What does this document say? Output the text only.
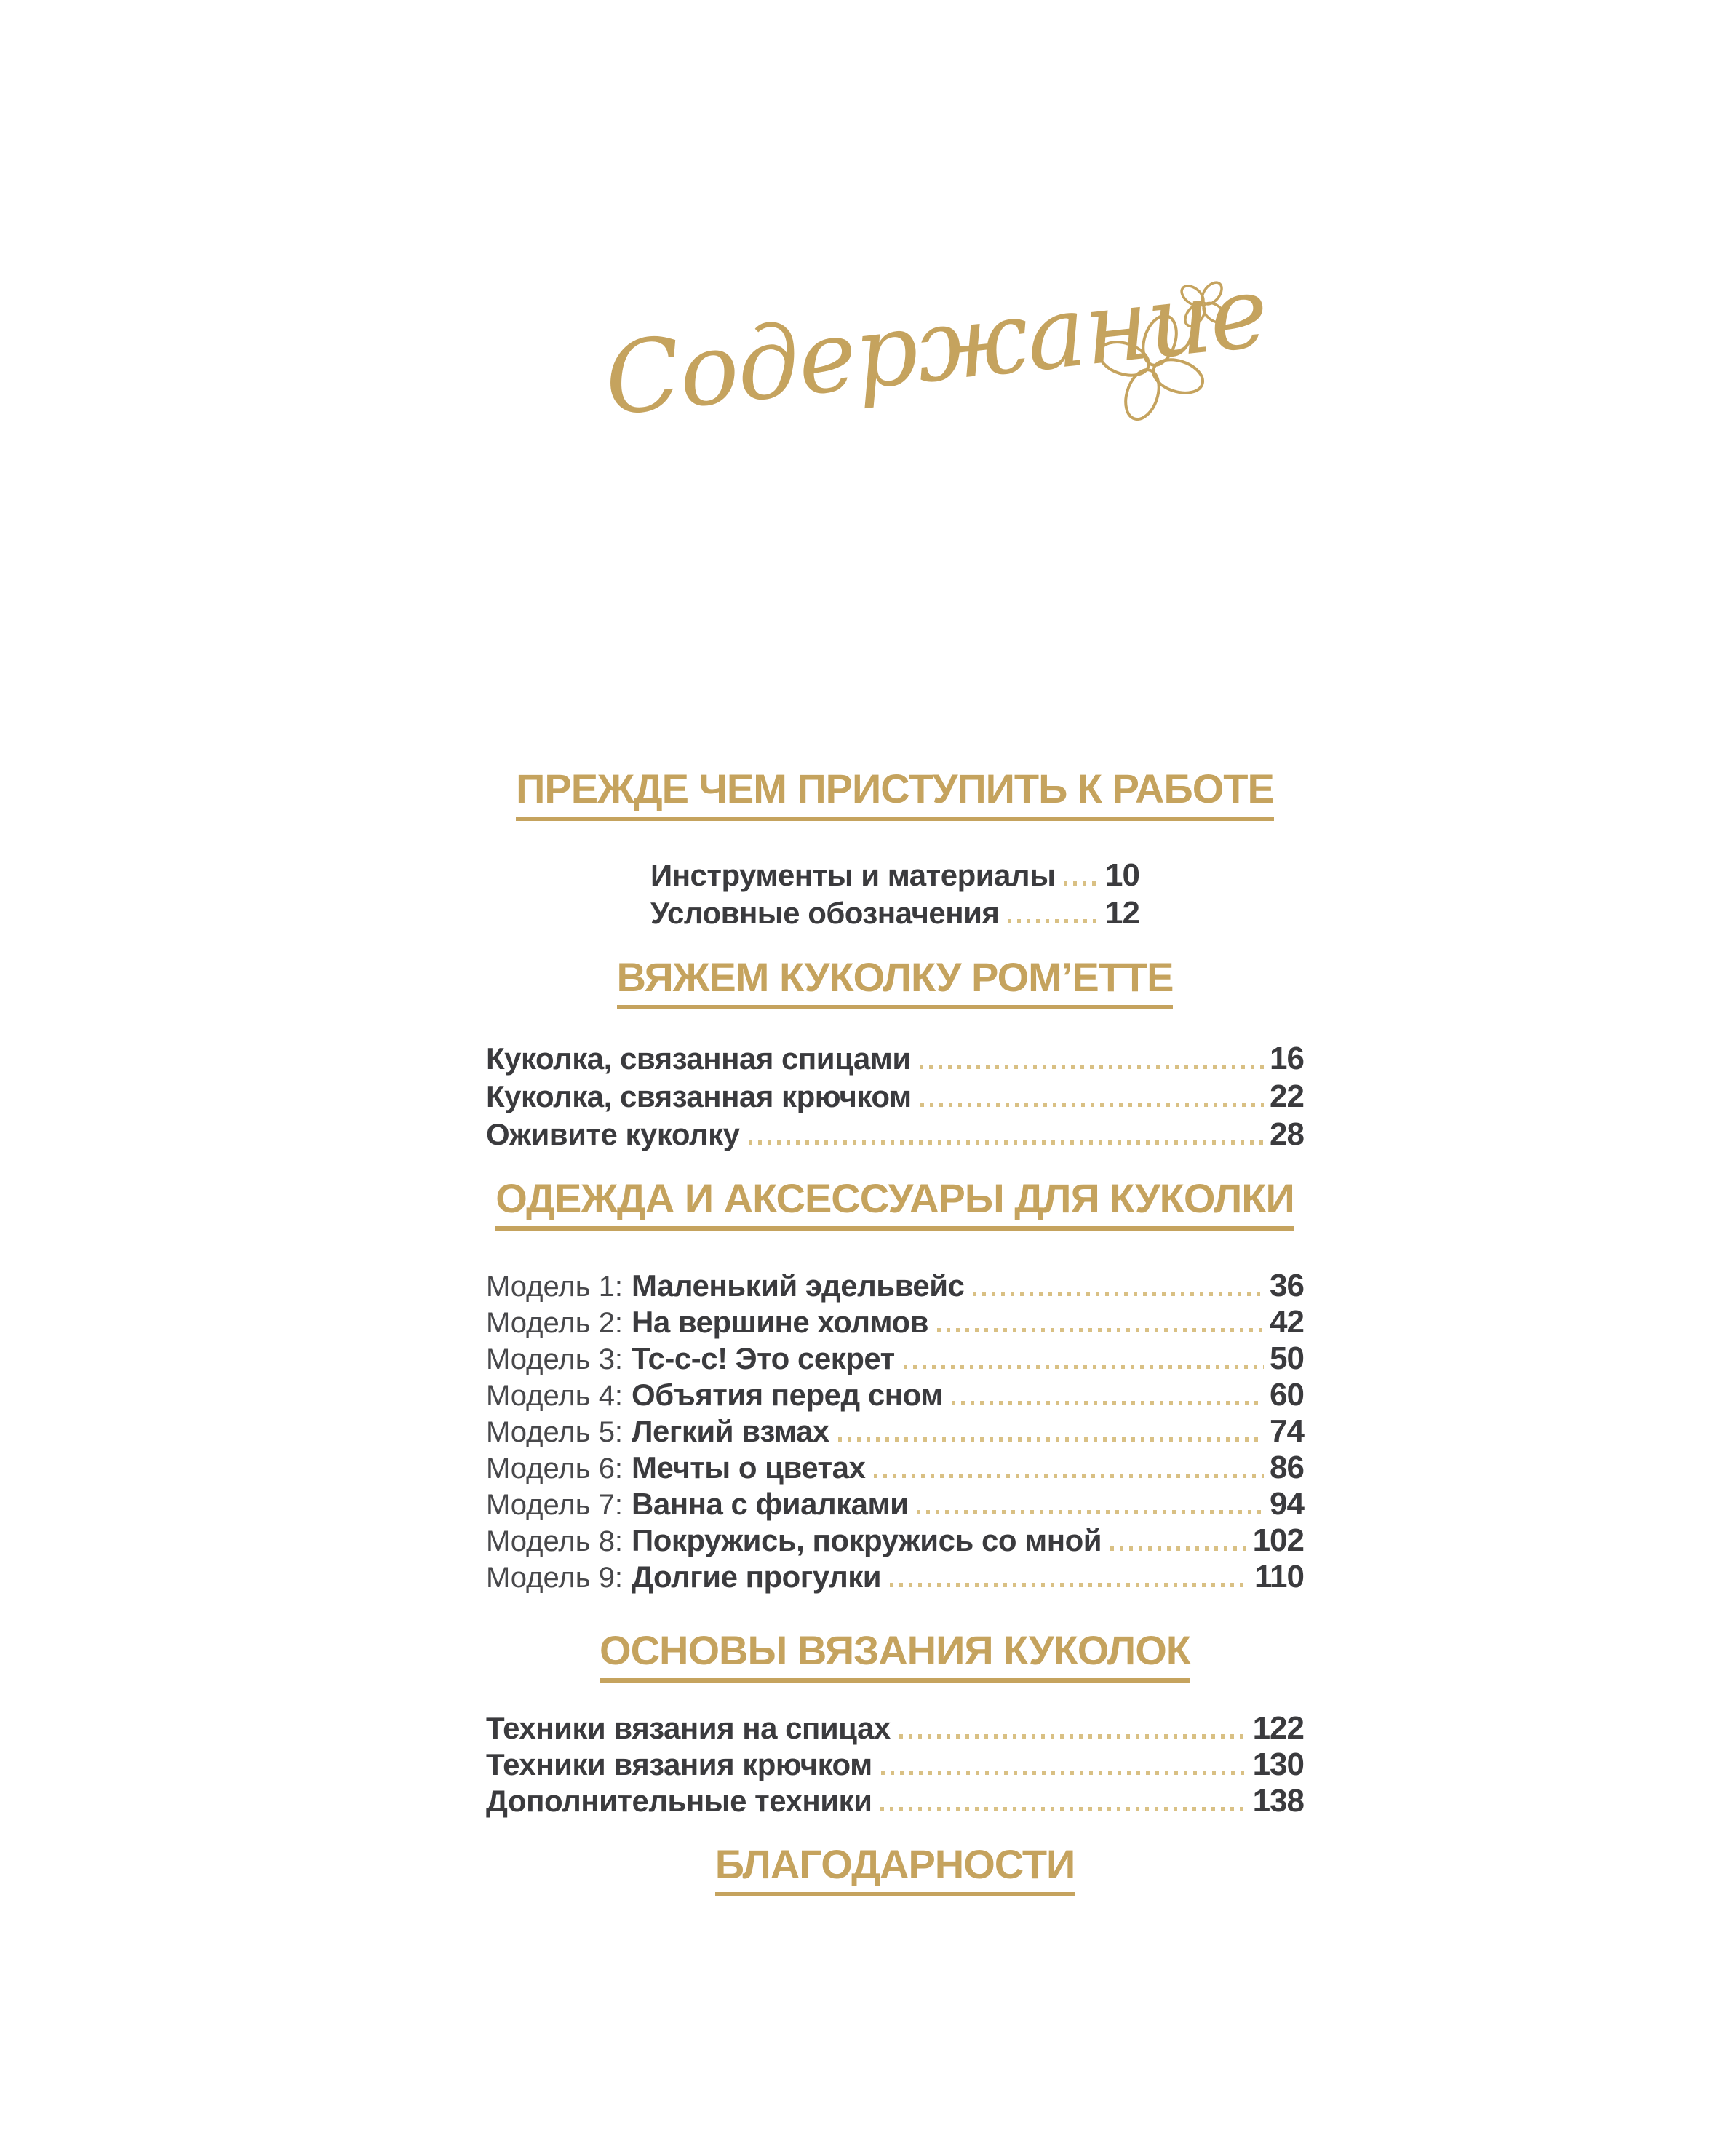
Содержание
ПРЕЖДЕ ЧЕМ ПРИСТУПИТЬ К РАБОТЕ
Инструменты и материалы 10
Условные обозначения	12
ВЯЖЕМ КУКОЛКУ РОМ’ЕТТЕ
Куколка, связанная спицами	16
Куколка, связанная крючком	22
Оживите куколку	28
ОДЕЖДА И АКСЕССУАРЫ ДЛЯ КУКОЛКИ
Модель 1: Маленький эдельвейс	36
Модель 2: На вершине холмов	42
Модель 3: Тс-с-с! Это секрет	50
Модель 4: Объятия перед сном	60
Модель 5: Легкий взмах	74
Модель 6: Мечты о цветах	86
Модель 7: Ванна с фиалками	94
Модель 8: Покружись, покружись со мной	102
Модель 9: Долгие прогулки	110
ОСНОВЫ ВЯЗАНИЯ КУКОЛОК
Техники вязания на спицах	122
Техники вязания крючком	130
Дополнительные техники	138
БЛАГОДАРНОСТИ
